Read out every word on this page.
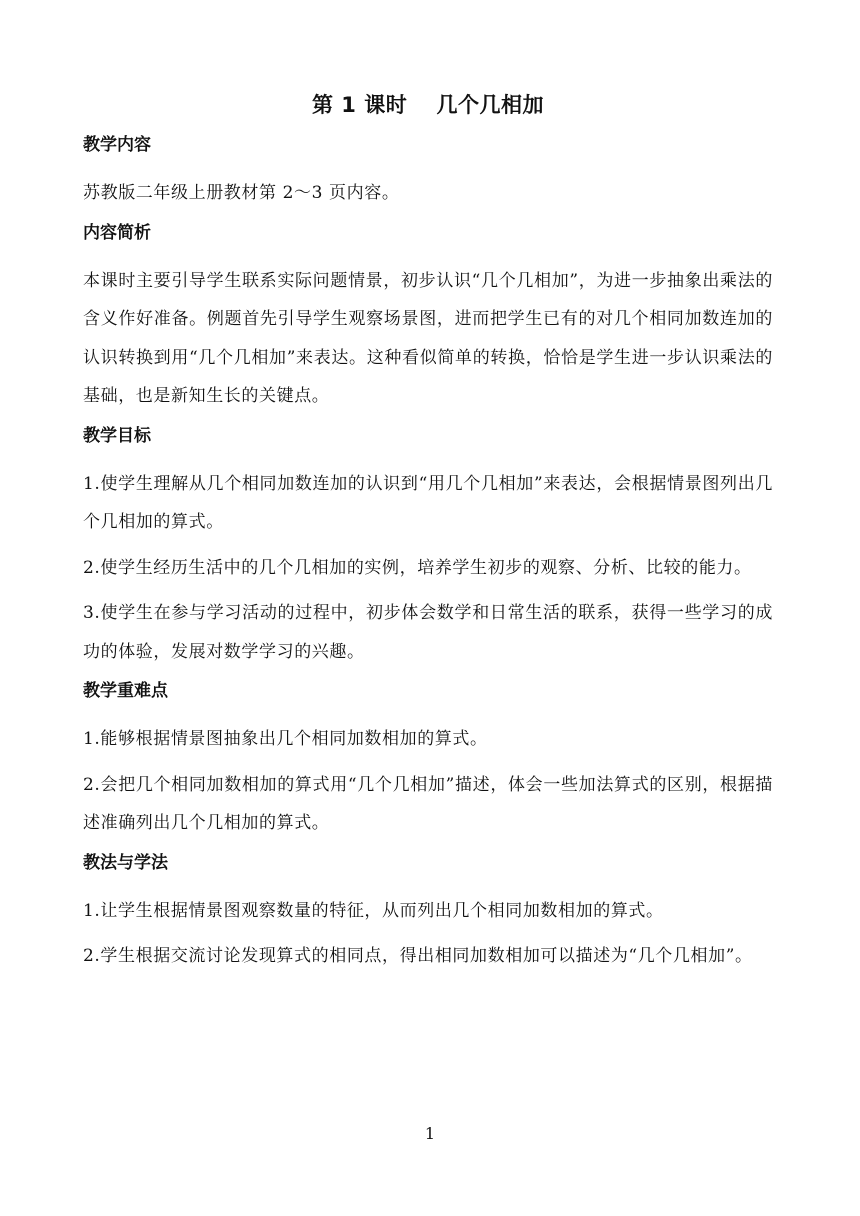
第 1 课时　 几个几相加
教学内容

苏教版二年级上册教材第 2～3 页内容。

内容简析

本课时主要引导学生联系实际问题情景，初步认识“几个几相加”，为进一步抽象出乘法的含义作好准备。例题首先引导学生观察场景图，进而把学生已有的对几个相同加数连加的认识转换到用“几个几相加”来表达。这种看似简单的转换，恰恰是学生进一步认识乘法的基础，也是新知生长的关键点。

教学目标

1.使学生理解从几个相同加数连加的认识到“用几个几相加”来表达，会根据情景图列出几个几相加的算式。

2.使学生经历生活中的几个几相加的实例，培养学生初步的观察、分析、比较的能力。

3.使学生在参与学习活动的过程中，初步体会数学和日常生活的联系，获得一些学习的成功的体验，发展对数学学习的兴趣。

教学重难点

1.能够根据情景图抽象出几个相同加数相加的算式。

2.会把几个相同加数相加的算式用“几个几相加”描述，体会一些加法算式的区别，根据描述准确列出几个几相加的算式。

教法与学法

1.让学生根据情景图观察数量的特征，从而列出几个相同加数相加的算式。

2.学生根据交流讨论发现算式的相同点，得出相同加数相加可以描述为“几个几相加”。

1
